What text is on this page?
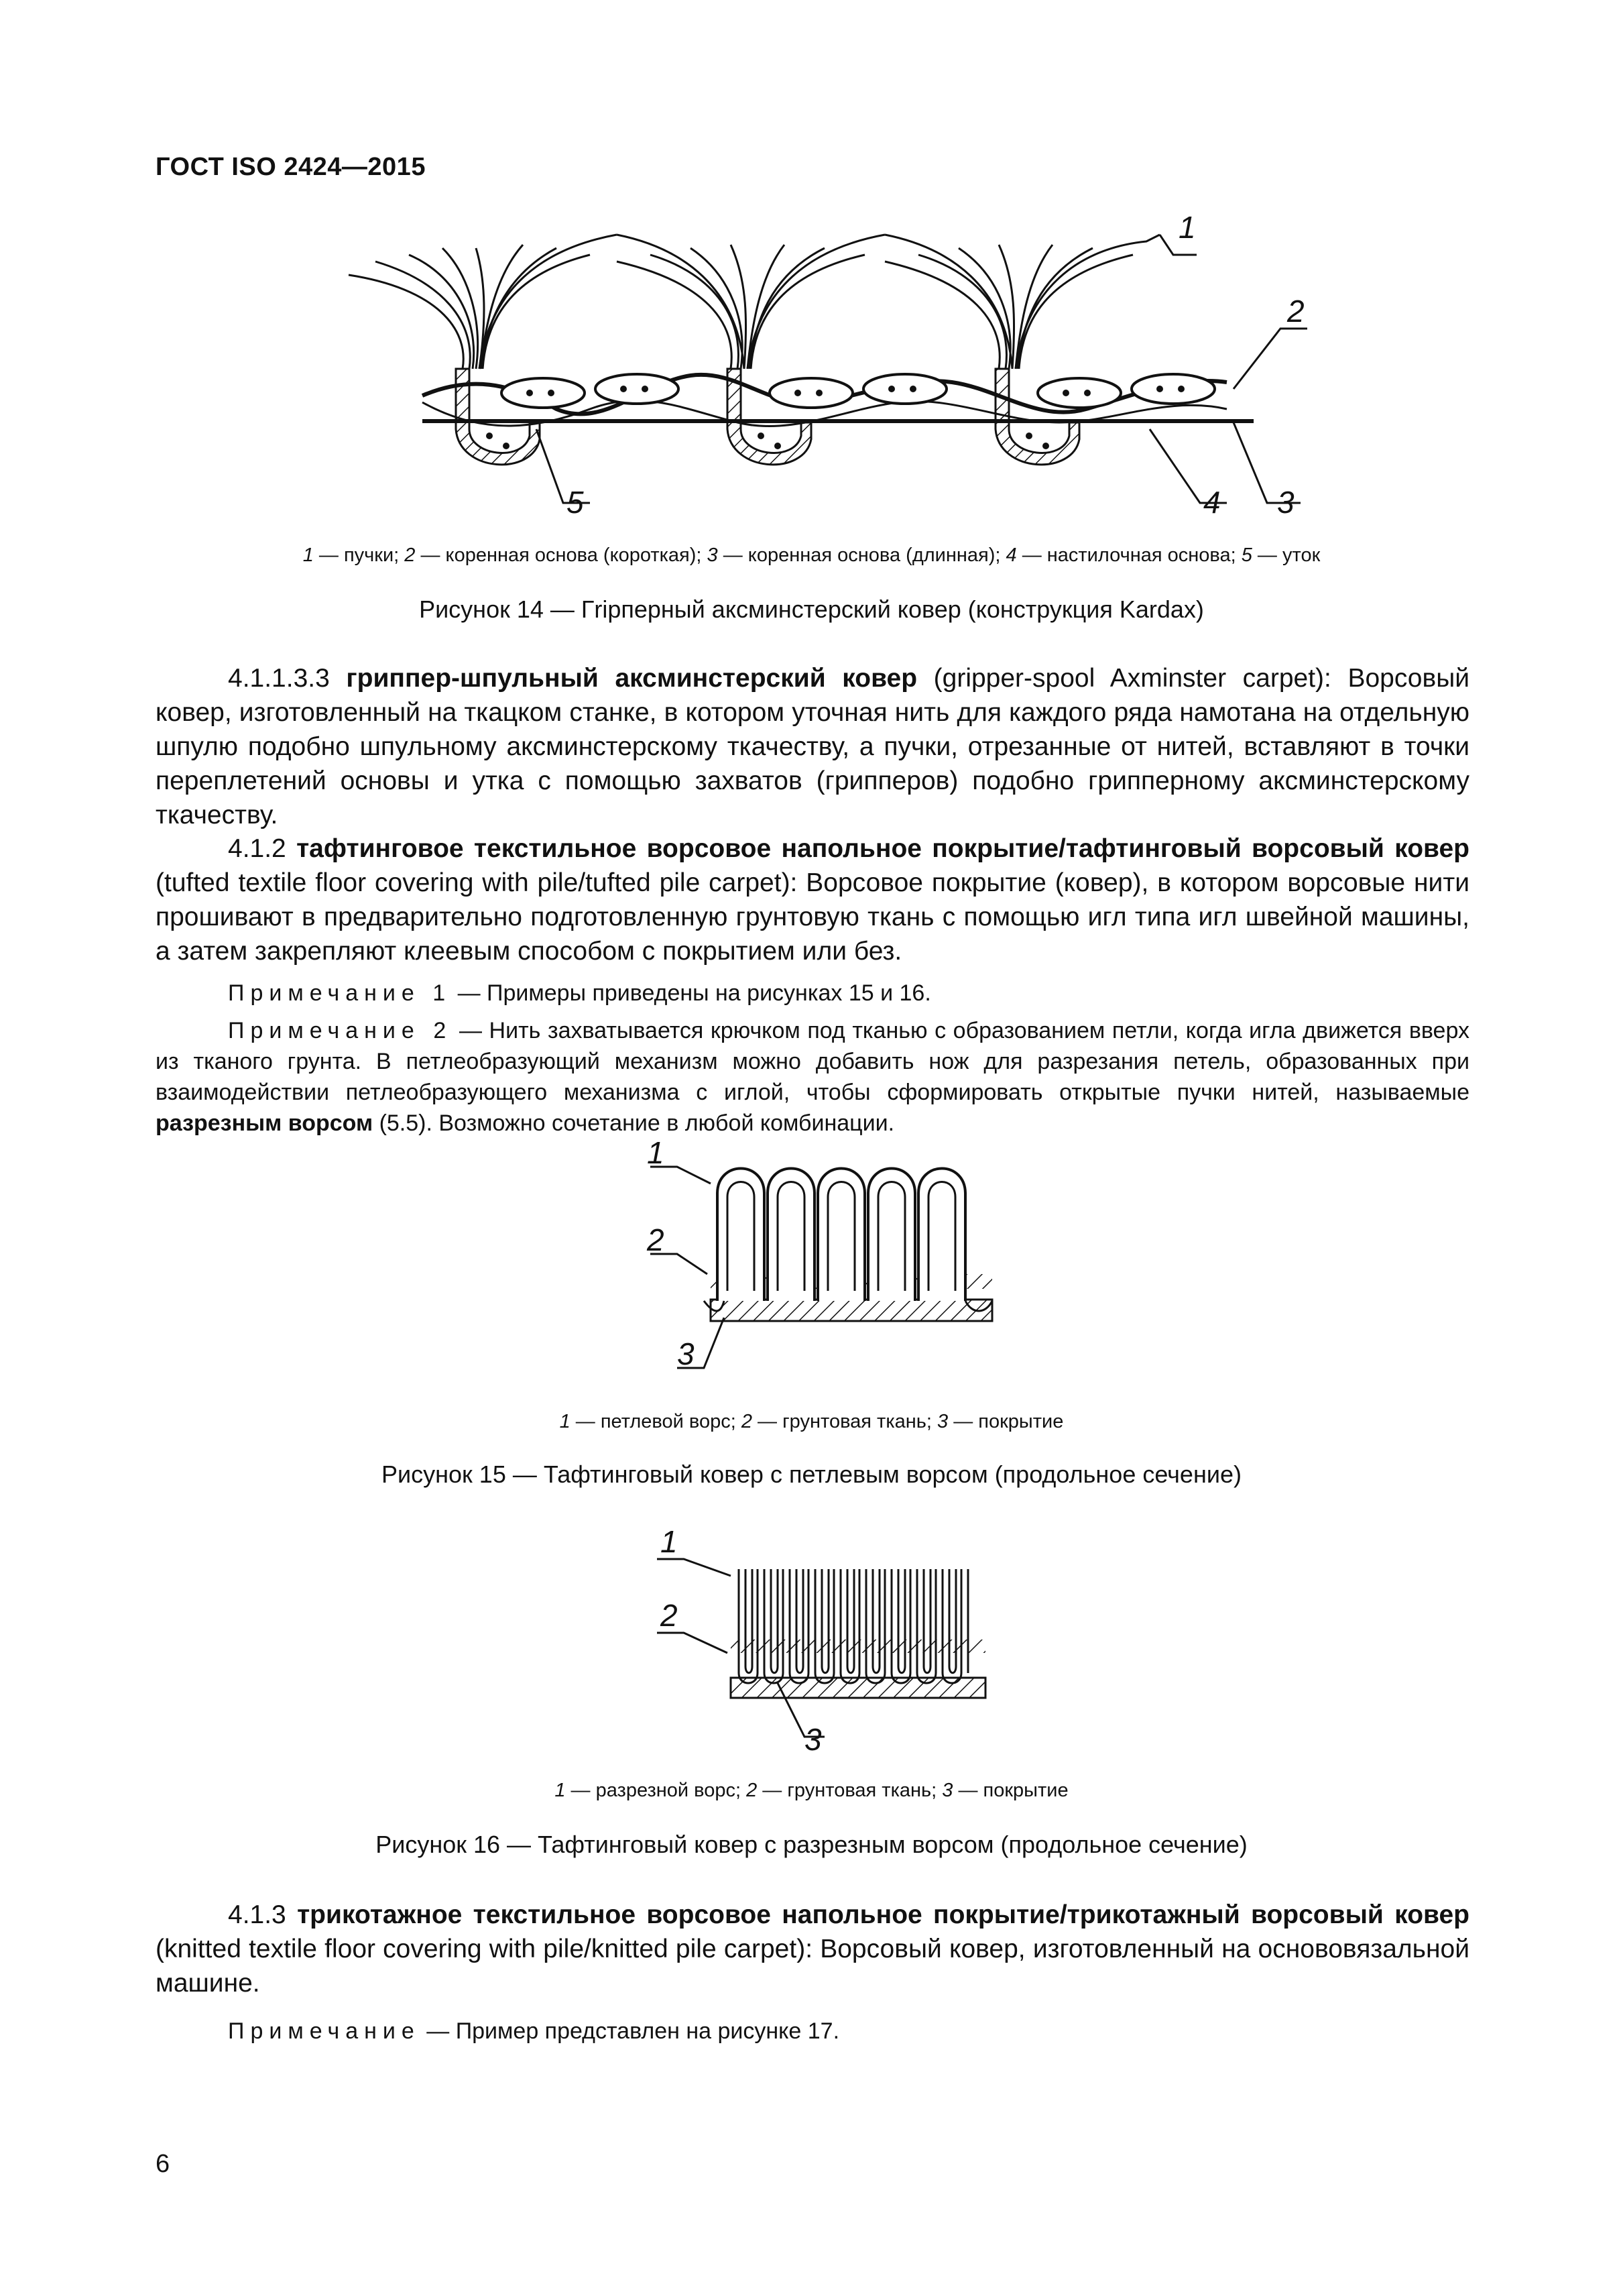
ГОСТ ISO 2424—2015
1
2
3
4
5
1 — пучки; 2 — коренная основа (короткая); 3 — коренная основа (длинная); 4 — настилочная основа; 5 — уток
Рисунок 14 — Гripперный аксминстерский ковер (конструкция Kardax)
4.1.1.3.3 гриппер-шпульный аксминстерский ковер (gripper-spool Axminster carpet): Ворсовый ковер, изготовленный на ткацком станке, в котором уточная нить для каждого ряда намотана на отдельную шпулю подобно шпульному аксминстерскому ткачеству, а пучки, отрезанные от нитей, вставляют в точки переплетений основы и утка с помощью захватов (грипперов) подобно грипперному аксминстерскому ткачеству.
4.1.2 тафтинговое текстильное ворсовое напольное покрытие/тафтинговый ворсовый ковер (tufted textile floor covering with pile/tufted pile carpet): Ворсовое покрытие (ковер), в котором ворсовые нити прошивают в предварительно подготовленную грунтовую ткань с помощью игл типа игл швейной машины, а затем закрепляют клеевым способом с покрытием или без.
Примечание 1 — Примеры приведены на рисунках 15 и 16.
Примечание 2 — Нить захватывается крючком под тканью с образованием петли, когда игла движется вверх из тканого грунта. В петлеобразующий механизм можно добавить нож для разрезания петель, образованных при взаимодействии петлеобразующего механизма с иглой, чтобы сформировать открытые пучки нитей, называемые разрезным ворсом (5.5). Возможно сочетание в любой комбинации.
1
2
3
1 — петлевой ворс; 2 — грунтовая ткань; 3 — покрытие
Рисунок 15 — Тафтинговый ковер с петлевым ворсом (продольное сечение)
1
2
3
1 — разрезной ворс; 2 — грунтовая ткань; 3 — покрытие
Рисунок 16 — Тафтинговый ковер с разрезным ворсом (продольное сечение)
4.1.3 трикотажное текстильное ворсовое напольное покрытие/трикотажный ворсовый ковер (knitted textile floor covering with pile/knitted pile carpet): Ворсовый ковер, изготовленный на основовязальной машине.
Примечание — Пример представлен на рисунке 17.
6
